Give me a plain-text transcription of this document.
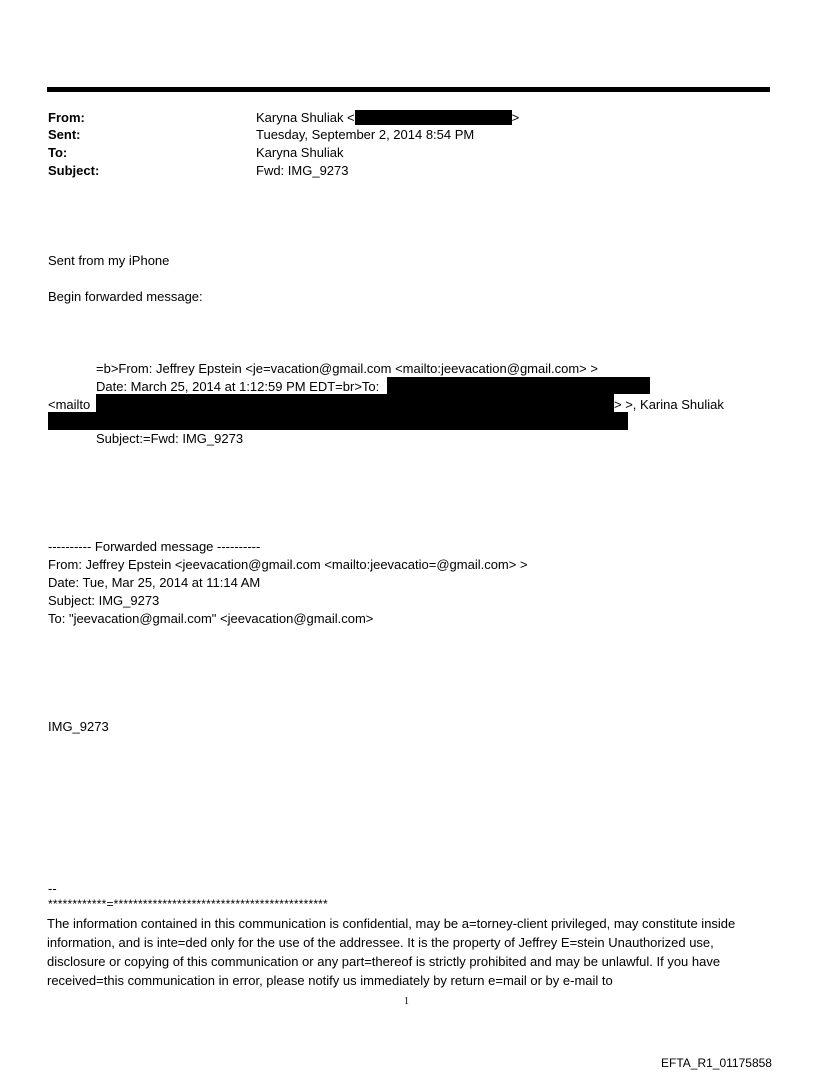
From:	Karyna Shuliak <	>
Sent:	Tuesday, September 2, 2014 8:54 PM
To:	Karyna Shuliak
Subject:	Fwd: IMG_9273
Sent from my iPhone
Begin forwarded message:
=b>From: Jeffrey Epstein <je=vacation@gmail.com <mailto:jeevacation@gmail.com> >
Date: March 25, 2014 at 1:12:59 PM EDT=br>To:
<mailto	> >, Karina Shuliak
Subject:=Fwd: IMG_9273
---------- Forwarded message ----------
From: Jeffrey Epstein <jeevacation@gmail.com <mailto:jeevacatio=@gmail.com> >
Date: Tue, Mar 25, 2014 at 11:14 AM
Subject: IMG_9273
To: "jeevacation@gmail.com" <jeevacation@gmail.com>
IMG_9273
--
************=********************************************
The information contained in this communication is confidential, may be a=torney-client privileged, may constitute inside information, and is inte=ded only for the use of the addressee. It is the property of Jeffrey E=stein Unauthorized use, disclosure or copying of this communication or any part=thereof is strictly prohibited and may be unlawful. If you have received=this communication in error, please notify us immediately by return e=mail or by e-mail to
1
EFTA_R1_01175858
